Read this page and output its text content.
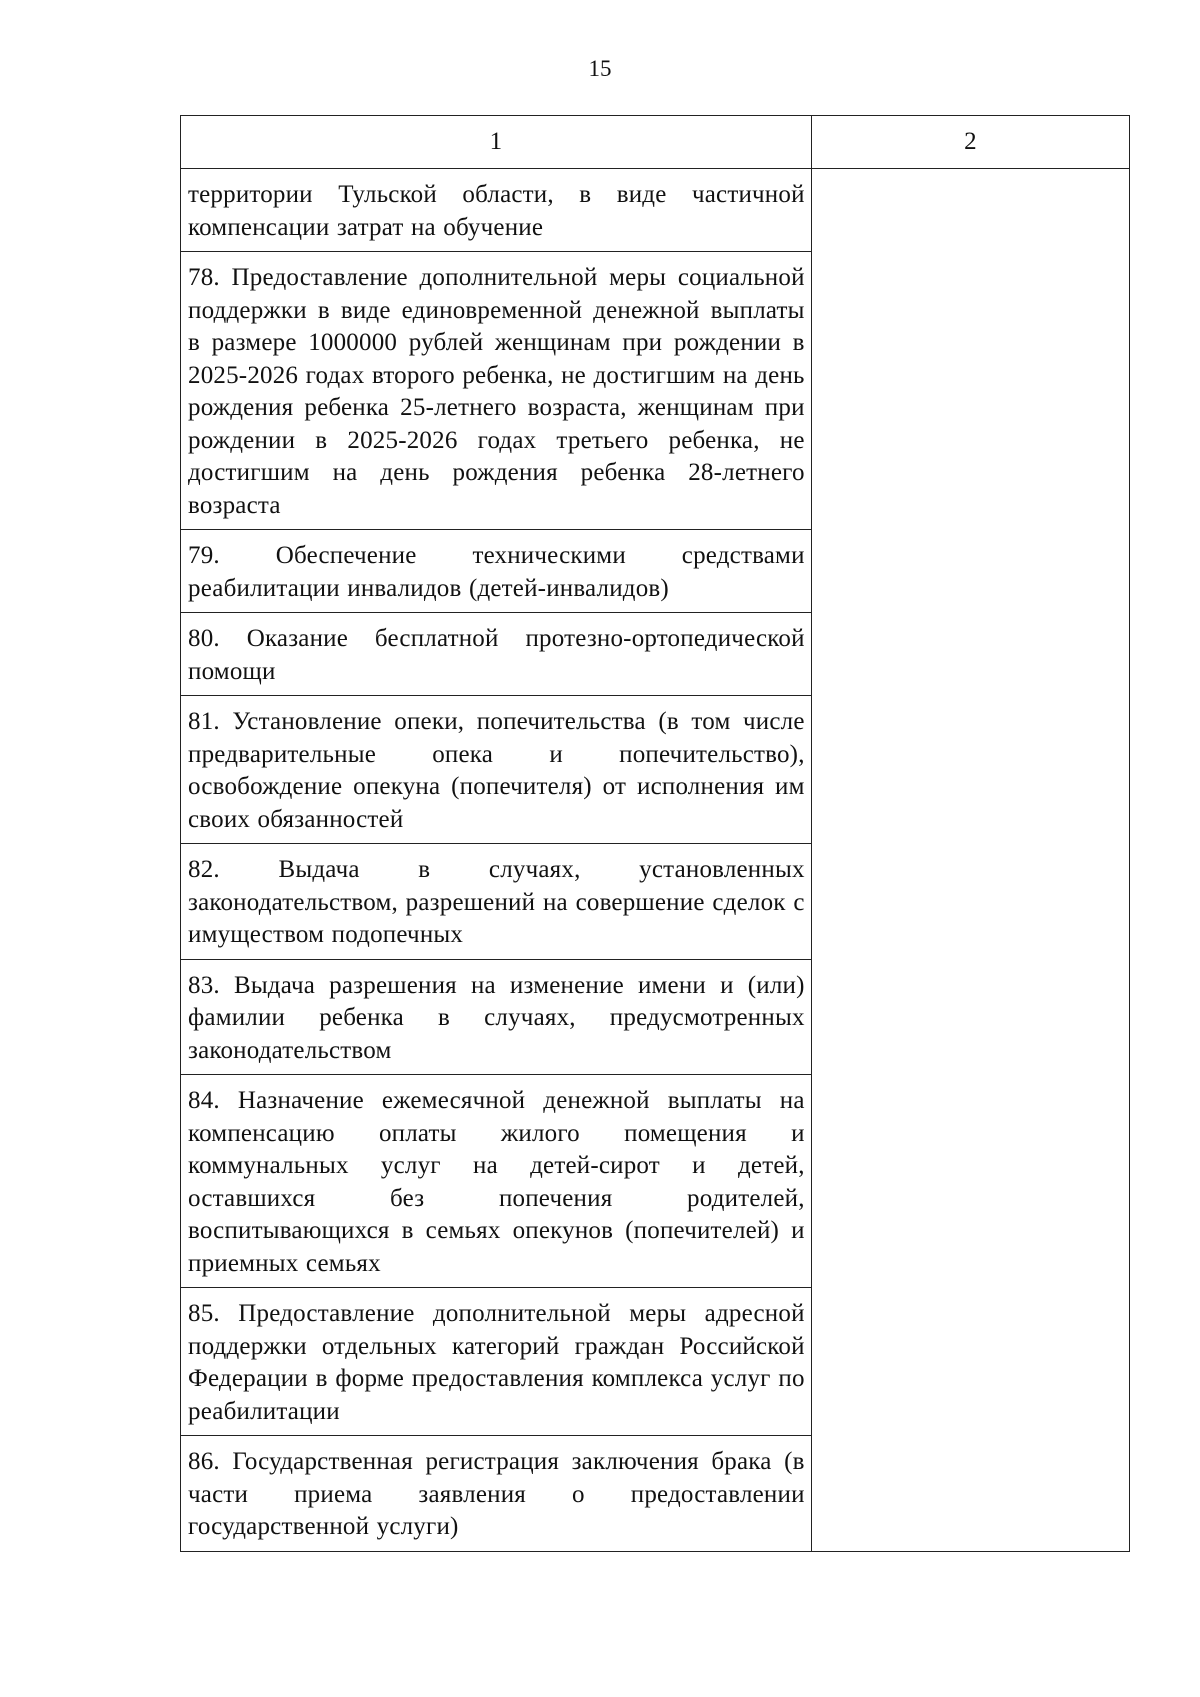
15
1	2
территории Тульской области, в виде частичной компенсации затрат на обучение	
78. Предоставление дополнительной меры социальной поддержки в виде единовременной денежной выплаты в размере 1000000 рублей женщинам при рождении в 2025-2026 годах второго ребенка, не достигшим на день рождения ребенка 25-летнего возраста, женщинам при рождении в 2025-2026 годах третьего ребенка, не достигшим на день рождения ребенка 28-летнего возраста	
79. Обеспечение техническими средствами реабилитации инвалидов (детей-инвалидов)	
80. Оказание бесплатной протезно-ортопедической помощи	
81. Установление опеки, попечительства (в том числе предварительные опека и попечительство), освобождение опекуна (попечителя) от исполнения им своих обязанностей	
82. Выдача в случаях, установленных законодательством, разрешений на совершение сделок с имуществом подопечных	
83. Выдача разрешения на изменение имени и (или) фамилии ребенка в случаях, предусмотренных законодательством	
84. Назначение ежемесячной денежной выплаты на компенсацию оплаты жилого помещения и коммунальных услуг на детей-сирот и детей, оставшихся без попечения родителей, воспитывающихся в семьях опекунов (попечителей) и приемных семьях	
85. Предоставление дополнительной меры адресной поддержки отдельных категорий граждан Российской Федерации в форме предоставления комплекса услуг по реабилитации	
86. Государственная регистрация заключения брака (в части приема заявления о предоставлении государственной услуги)	
